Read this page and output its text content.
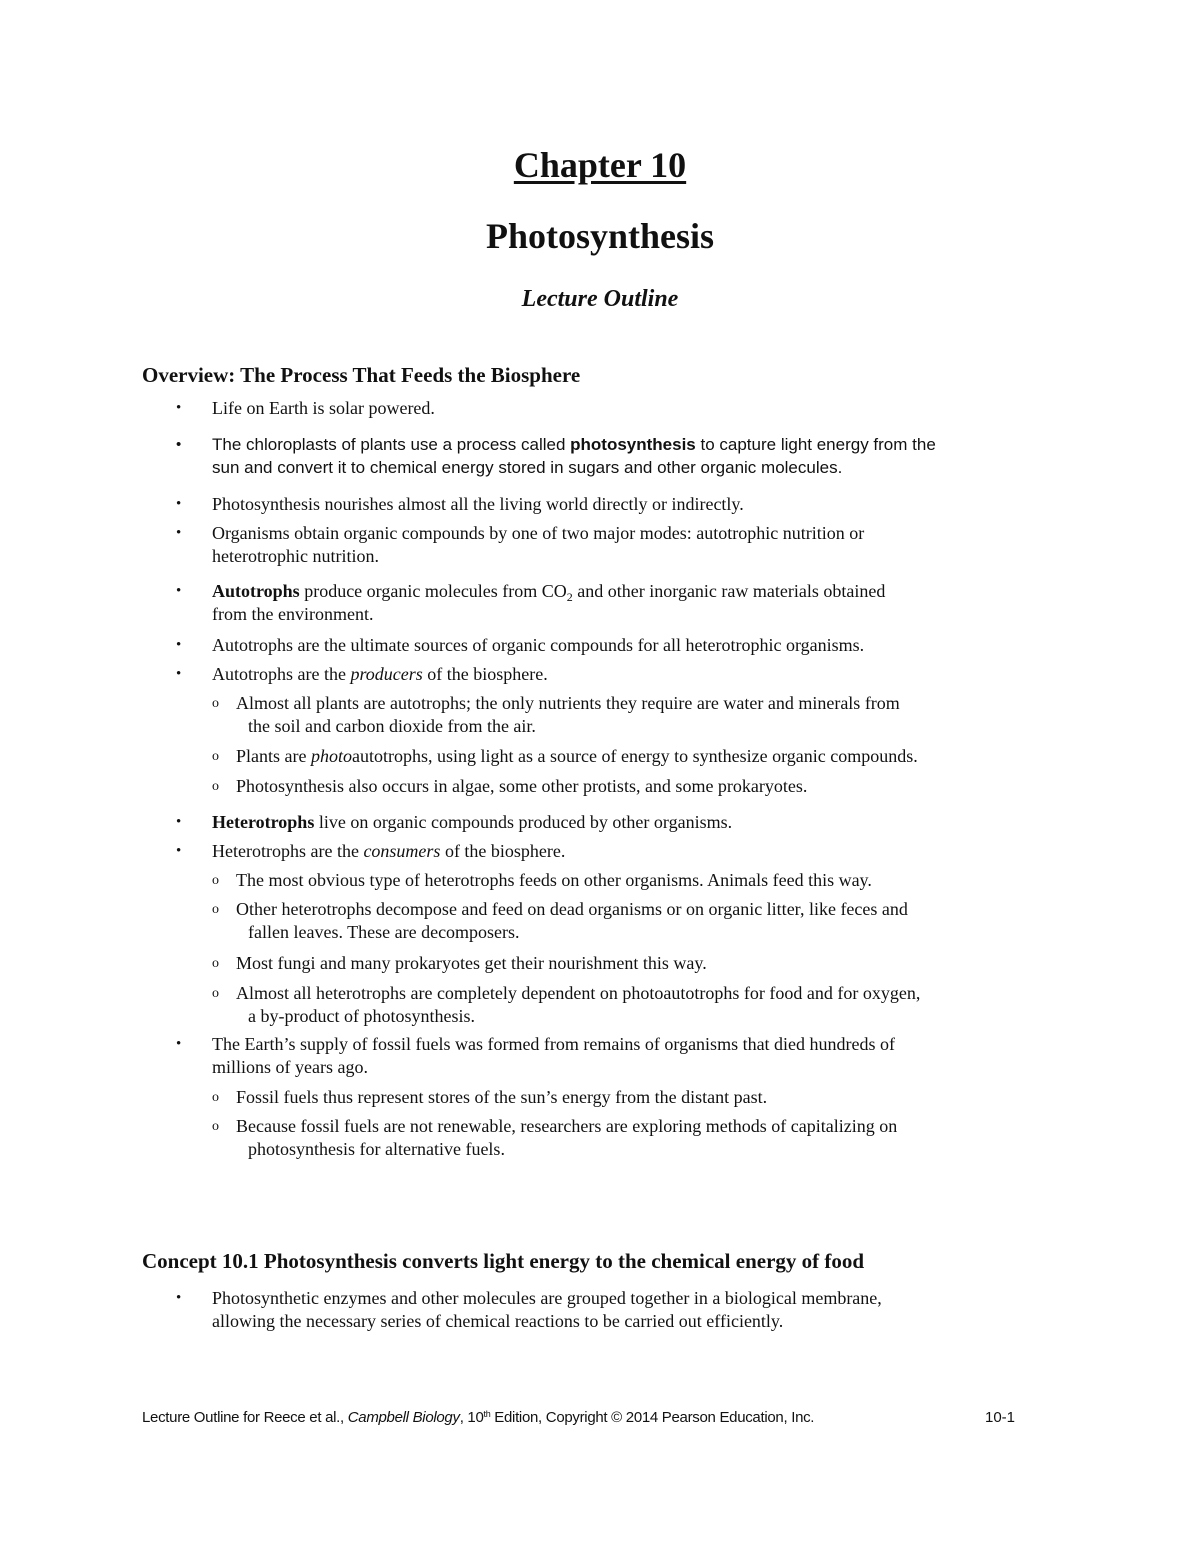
Chapter 10
Photosynthesis
Lecture Outline
Overview: The Process That Feeds the Biosphere
• Life on Earth is solar powered.
• The chloroplasts of plants use a process called photosynthesis to capture light energy from the
sun and convert it to chemical energy stored in sugars and other organic molecules.
• Photosynthesis nourishes almost all the living world directly or indirectly.
• Organisms obtain organic compounds by one of two major modes: autotrophic nutrition or
heterotrophic nutrition.
• Autotrophs produce organic molecules from $CO_2$ and other inorganic raw materials obtained
from the environment.
• Autotrophs are the ultimate sources of organic compounds for all heterotrophic organisms.
• Autotrophs are the producers of the biosphere.
o Almost all plants are autotrophs; the only nutrients they require are water and minerals from
the soil and carbon dioxide from the air.
o Plants are photoautotrophs, using light as a source of energy to synthesize organic compounds.
o Photosynthesis also occurs in algae, some other protists, and some prokaryotes.
• Heterotrophs live on organic compounds produced by other organisms.
• Heterotrophs are the consumers of the biosphere.
o The most obvious type of heterotrophs feeds on other organisms. Animals feed this way.
o Other heterotrophs decompose and feed on dead organisms or on organic litter, like feces and
fallen leaves. These are decomposers.
o Most fungi and many prokaryotes get their nourishment this way.
o Almost all heterotrophs are completely dependent on photoautotrophs for food and for oxygen,
a by-product of photosynthesis.
• The Earth’s supply of fossil fuels was formed from remains of organisms that died hundreds of
millions of years ago.
o Fossil fuels thus represent stores of the sun’s energy from the distant past.
o Because fossil fuels are not renewable, researchers are exploring methods of capitalizing on
photosynthesis for alternative fuels.
Concept 10.1 Photosynthesis converts light energy to the chemical energy of food
• Photosynthetic enzymes and other molecules are grouped together in a biological membrane,
allowing the necessary series of chemical reactions to be carried out efficiently.
Lecture Outline for Reece et al., Campbell Biology, 10th Edition, Copyright © 2014 Pearson Education, Inc.	10-1
